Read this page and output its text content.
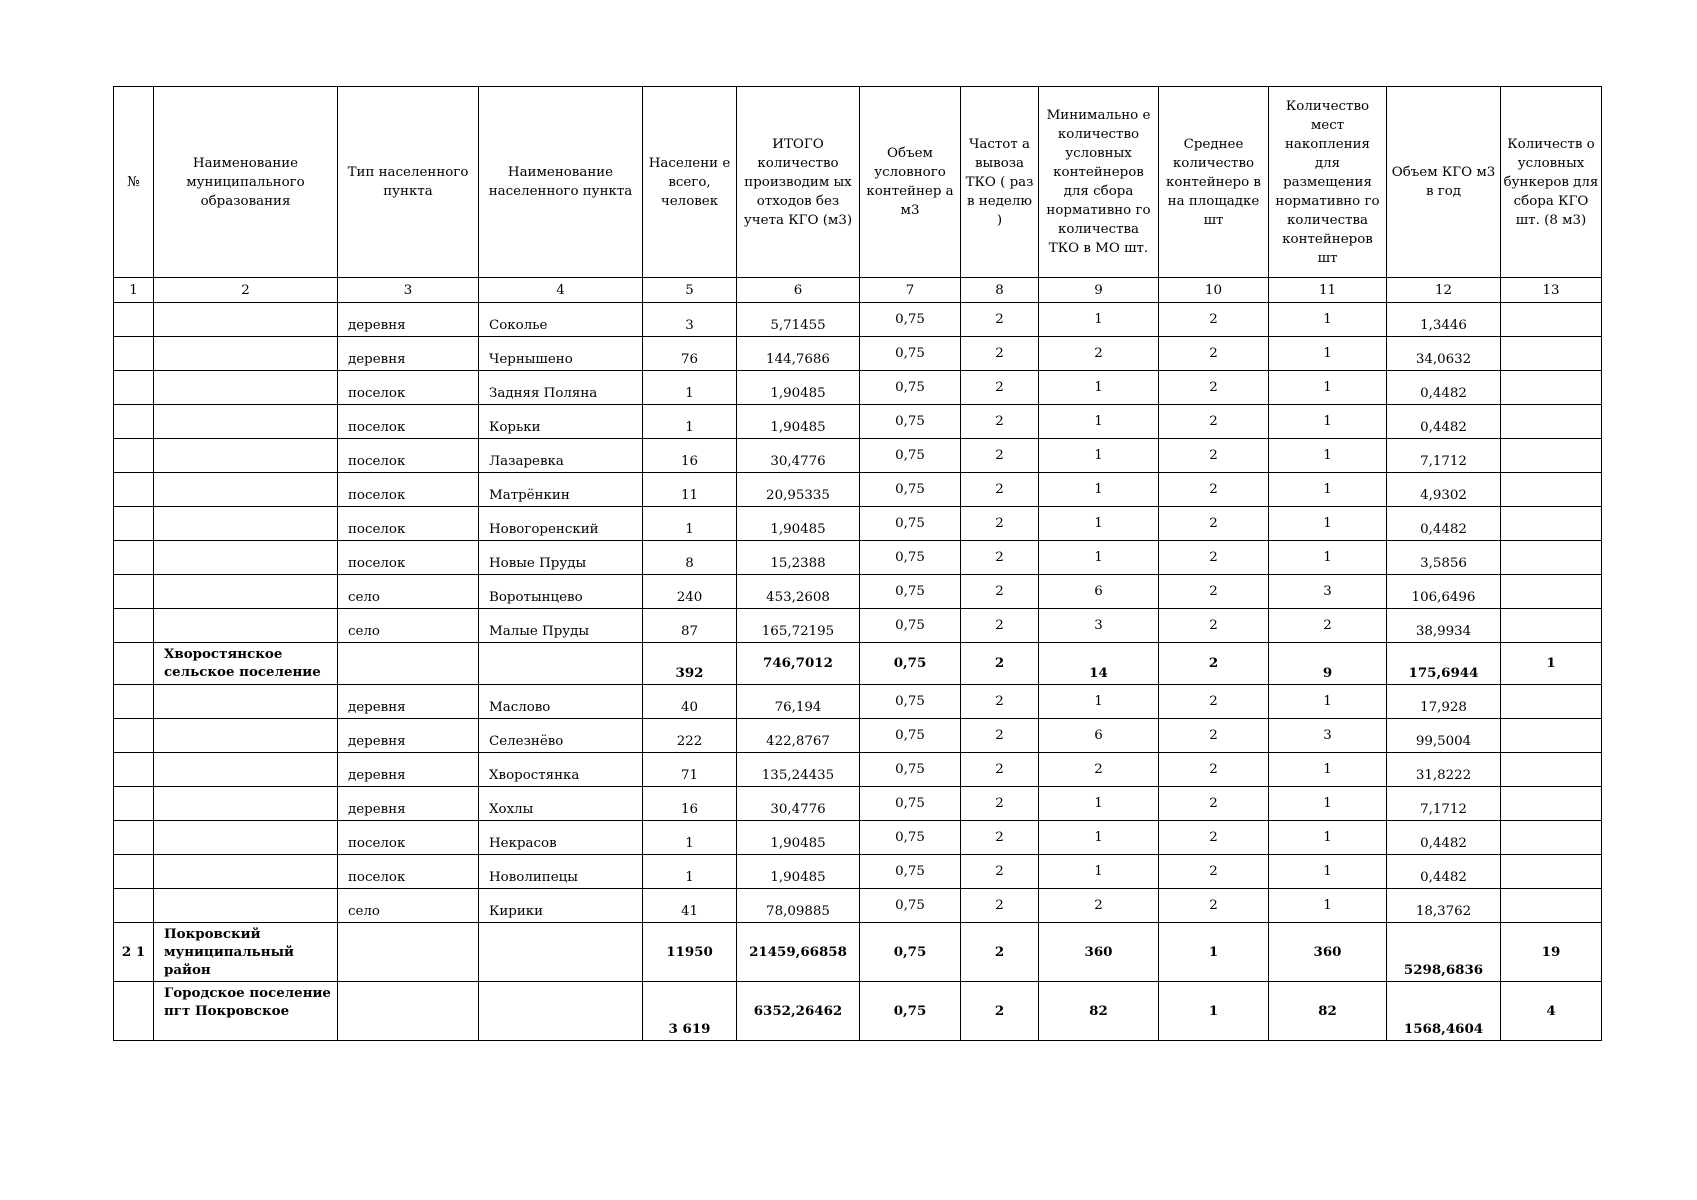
№	Наименование муниципального образования	Тип населенного пункта	Наименование населенного пункта	Населени е всего, человек	ИТОГО количество производим ых отходов без учета КГО (м3)	Объем условного контейнер а м3	Частот а вывоза ТКО ( раз в неделю )	Минимально е количество условных контейнеров для сбора нормативно го количества ТКО в МО шт.	Среднее количество контейнеро в на площадке шт	Количество мест накопления для размещения нормативно го количества контейнеров шт	Объем КГО м3 в год	Количеств о условных бункеров для сбора КГО шт. (8 м3)
1	2	3	4	5	6	7	8	9	10	11	12	13
		деревня	Сокольe	3	5,71455	0,75	2	1	2	1	1,3446	
		деревня	Чернышено	76	144,7686	0,75	2	2	2	1	34,0632	
		поселок	Задняя Поляна	1	1,90485	0,75	2	1	2	1	0,4482	
		поселок	Корьки	1	1,90485	0,75	2	1	2	1	0,4482	
		поселок	Лазаревка	16	30,4776	0,75	2	1	2	1	7,1712	
		поселок	Матрёнкин	11	20,95335	0,75	2	1	2	1	4,9302	
		поселок	Новогоренский	1	1,90485	0,75	2	1	2	1	0,4482	
		поселок	Новые Пруды	8	15,2388	0,75	2	1	2	1	3,5856	
		село	Воротынцево	240	453,2608	0,75	2	6	2	3	106,6496	
		село	Малые Пруды	87	165,72195	0,75	2	3	2	2	38,9934	
	Хворостянское сельское поселение			392	746,7012	0,75	2	14	2	9	175,6944	1
		деревня	Маслово	40	76,194	0,75	2	1	2	1	17,928	
		деревня	Селезнёво	222	422,8767	0,75	2	6	2	3	99,5004	
		деревня	Хворостянка	71	135,24435	0,75	2	2	2	1	31,8222	
		деревня	Хохлы	16	30,4776	0,75	2	1	2	1	7,1712	
		поселок	Некрасов	1	1,90485	0,75	2	1	2	1	0,4482	
		поселок	Новолипецы	1	1,90485	0,75	2	1	2	1	0,4482	
		село	Кирики	41	78,09885	0,75	2	2	2	1	18,3762	
2 1	Покровский муниципальный район			11950	21459,66858	0,75	2	360	1	360	5298,6836	19
	Городское поселение пгт Покровское			3 619	6352,26462	0,75	2	82	1	82	1568,4604	4
